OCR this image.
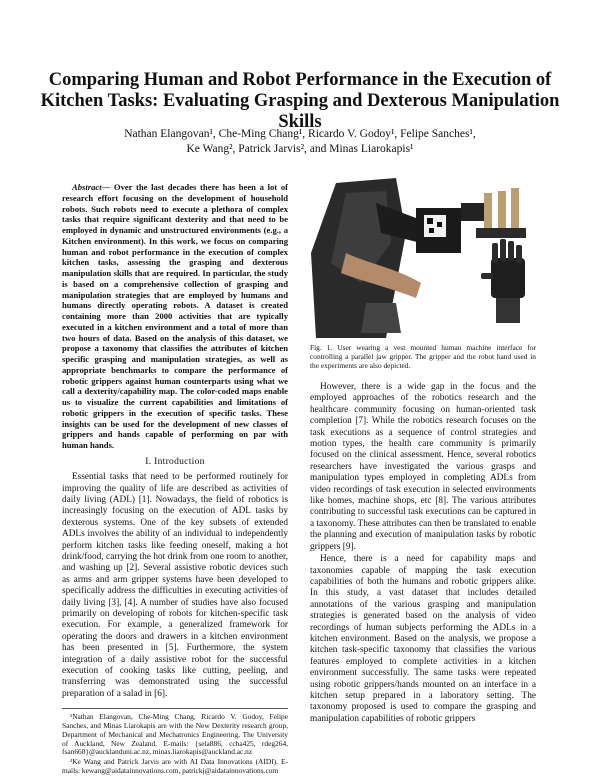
Comparing Human and Robot Performance in the Execution of Kitchen Tasks: Evaluating Grasping and Dexterous Manipulation Skills
Nathan Elangovan¹, Che-Ming Chang¹, Ricardo V. Godoy¹, Felipe Sanches¹,
Ke Wang², Patrick Jarvis², and Minas Liarokapis¹

Abstract— Over the last decades there has been a lot of research effort focusing on the development of household robots. Such robots need to execute a plethora of complex tasks that require significant dexterity and that need to be employed in dynamic and unstructured environments (e.g., a Kitchen environment). In this work, we focus on comparing human and robot performance in the execution of complex kitchen tasks, assessing the grasping and dexterous manipulation skills that are required. In particular, the study is based on a comprehensive collection of grasping and manipulation strategies that are employed by humans and humans directly operating robots. A dataset is created containing more than 2000 activities that are typically executed in a kitchen environment and a total of more than two hours of data. Based on the analysis of this dataset, we propose a taxonomy that classifies the attributes of kitchen specific grasping and manipulation strategies, as well as appropriate benchmarks to compare the performance of robotic grippers against human counterparts using what we call a dexterity/capability map. The color-coded maps enable us to visualize the current capabilities and limitations of robotic grippers in the execution of specific tasks. These insights can be used for the development of new classes of grippers and hands capable of performing on par with human hands.

I. Introduction

Essential tasks that need to be performed routinely for improving the quality of life are described as activities of daily living (ADL) [1]. Nowadays, the field of robotics is increasingly focusing on the execution of ADL tasks by dexterous systems. One of the key subsets of extended ADLs involves the ability of an individual to independently perform kitchen tasks like feeding oneself, making a hot drink/food, carrying the hot drink from one room to another, and washing up [2]. Several assistive robotic devices such as arms and arm gripper systems have been developed to specifically address the difficulties in executing activities of daily living [3], [4]. A number of studies have also focused primarily on developing of robots for kitchen-specific task execution. For example, a generalized framework for operating the doors and drawers in a kitchen environment has been presented in [5]. Furthermore, the system integration of a daily assistive robot for the successful execution of cooking tasks like cutting, peeling, and transferring was demonstrated using the successful preparation of a salad in [6].

¹Nathan Elangovan, Che-Ming Chang, Ricardo V. Godoy, Felipe Sanches, and Minas Liarokapis are with the New Dexterity research group, Department of Mechanical and Mechatronics Engineering, The University of Auckland, New Zealand. E-mails: {sela886, ccha425, rdeg264, fsan668}@aucklanduni.ac.nz, minas.liarokapis@auckland.ac.nz
²Ke Wang and Patrick Jarvis are with AI Data Innovations (AIDI). E-mails: kewang@aidatainnovations.com, patrickj@aidatainnovations.com
Fig. 1. User wearing a vest mounted human machine interface for controlling a parallel jaw gripper. The gripper and the robot hand used in the experiments are also depicted.

However, there is a wide gap in the focus and the employed approaches of the robotics research and the healthcare community focusing on human-oriented task completion [7]. While the robotics research focuses on the task executions as a sequence of control strategies and motion types, the health care community is primarily focused on the clinical assessment. Hence, several robotics researchers have investigated the various grasps and manipulation types employed in completing ADLs from video recordings of task execution in selected environments like homes, machine shops, etc [8]. The various attributes contributing to successful task executions can be captured in a taxonomy. These attributes can then be translated to enable the planning and execution of manipulation tasks by robotic grippers [9].

Hence, there is a need for capability maps and taxonomies capable of mapping the task execution capabilities of both the humans and robotic grippers alike. In this study, a vast dataset that includes detailed annotations of the various grasping and manipulation strategies is generated based on the analysis of video recordings of human subjects performing the ADLs in a kitchen environment. Based on the analysis, we propose a kitchen task-specific taxonomy that classifies the various features employed to complete activities in a kitchen environment successfully. The same tasks were repeated using robotic grippers/hands mounted on an interface in a kitchen setup prepared in a laboratory setting. The taxonomy proposed is used to compare the grasping and manipulation capabilities of robotic grippers
